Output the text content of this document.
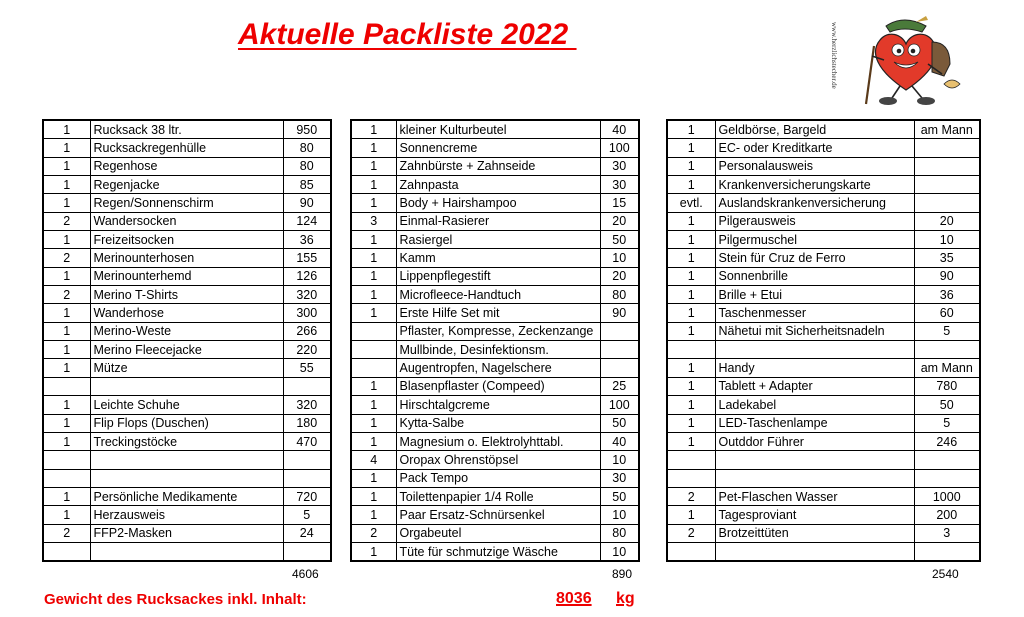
Aktuelle Packliste 2022	www.herzlichstecher.de
1	Rucksack 38 ltr.	950
1	Rucksackregenhülle	80
1	Regenhose	80
1	Regenjacke	85
1	Regen/Sonnenschirm	90
2	Wandersocken	124
1	Freizeitsocken	36
2	Merinounterhosen	155
1	Merinounterhemd	126
2	Merino T-Shirts	320
1	Wanderhose	300
1	Merino-Weste	266
1	Merino Fleecejacke	220
1	Mütze	55

1	Leichte Schuhe	320
1	Flip Flops (Duschen)	180
1	Treckingstöcke	470

1	Persönliche Medikamente	720
1	Herzausweis	5
2	FFP2-Masken	24

1	kleiner Kulturbeutel	40
1	Sonnencreme	100
1	Zahnbürste + Zahnseide	30
1	Zahnpasta	30
1	Body + Hairshampoo	15
3	Einmal-Rasierer	20
1	Rasiergel	50
1	Kamm	10
1	Lippenpflegestift	20
1	Microfleece-Handtuch	80
1	Erste Hilfe Set mit	90
	Pflaster, Kompresse, Zeckenzange	
	Mullbinde, Desinfektionsm.	
	Augentropfen, Nagelschere	
1	Blasenpflaster (Compeed)	25
1	Hirschtalgcreme	100
1	Kytta-Salbe	50
1	Magnesium o. Elektrolyhttabl.	40
4	Oropax Ohrenstöpsel	10
1	Pack Tempo	30
1	Toilettenpapier 1/4 Rolle	50
1	Paar Ersatz-Schnürsenkel	10
2	Orgabeutel	80
1	Tüte für schmutzige Wäsche	10
1	Geldbörse, Bargeld	am Mann
1	EC- oder Kreditkarte	
1	Personalausweis	
1	Krankenversicherungskarte	
evtl.	Auslandskrankenversicherung	
1	Pilgerausweis	20
1	Pilgermuschel	10
1	Stein für Cruz de Ferro	35
1	Sonnenbrille	90
1	Brille + Etui	36
1	Taschenmesser	60
1	Nähetui mit Sicherheitsnadeln	5

1	Handy	am Mann
1	Tablett + Adapter	780
1	Ladekabel	50
1	LED-Taschenlampe	5
1	Outddor Führer	246

2	Pet-Flaschen Wasser	1000
1	Tagesproviant	200
2	Brotzeittüten	3

4606	890	2540
Gewicht des Rucksackes inkl. Inhalt:	8036 kg
